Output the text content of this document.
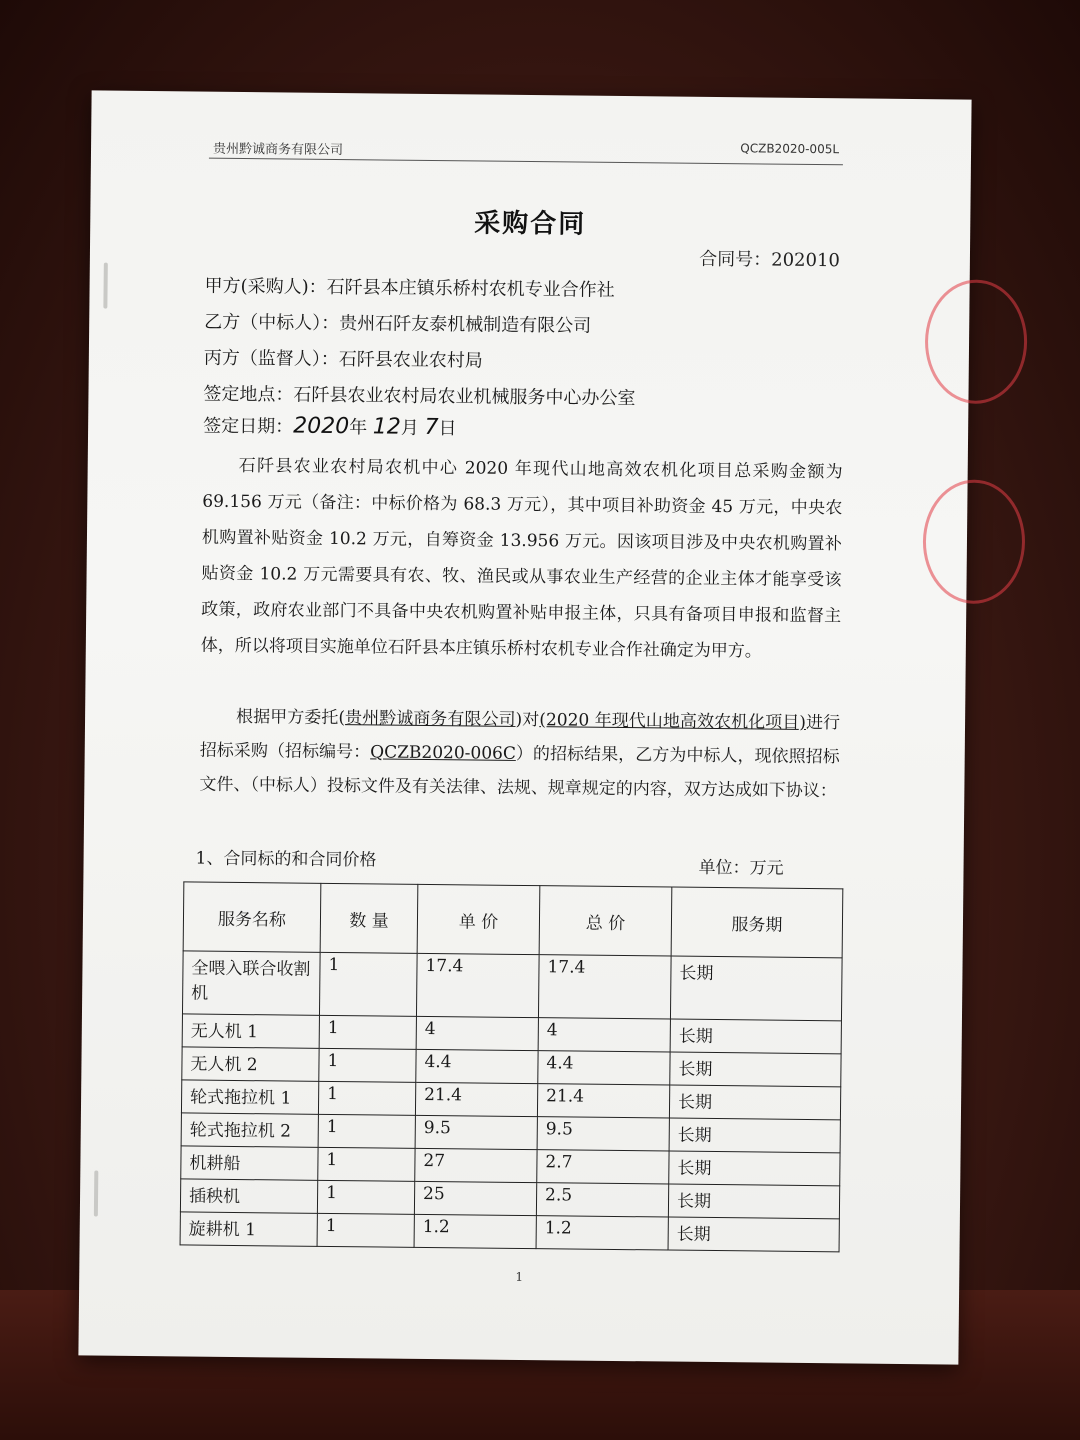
贵州黔诚商务有限公司	QCZB2020-005L
采购合同
合同号：202010
甲方(采购人)：石阡县本庄镇乐桥村农机专业合作社
乙方（中标人）：贵州石阡友泰机械制造有限公司
丙方（监督人）：石阡县农业农村局
签定地点：石阡县农业农村局农业机械服务中心办公室
签定日期：2020年 12月 7日
石阡县农业农村局农机中心 2020 年现代山地高效农机化项目总采购金额为 69.156 万元（备注：中标价格为 68.3 万元），其中项目补助资金 45 万元，中央农机购置补贴资金 10.2 万元，自筹资金 13.956 万元。因该项目涉及中央农机购置补贴资金 10.2 万元需要具有农、牧、渔民或从事农业生产经营的企业主体才能享受该政策，政府农业部门不具备中央农机购置补贴申报主体，只具有备项目申报和监督主体，所以将项目实施单位石阡县本庄镇乐桥村农机专业合作社确定为甲方。
根据甲方委托(贵州黔诚商务有限公司)对(2020 年现代山地高效农机化项目)进行招标采购（招标编号：QCZB2020-006C）的招标结果，乙方为中标人，现依照招标文件、（中标人）投标文件及有关法律、法规、规章规定的内容，双方达成如下协议：
1、合同标的和合同价格	单位：万元
服务名称	数 量	单 价	总 价	服务期
全喂入联合收割机	1	17.4	17.4	长期
无人机 1	1	4	4	长期
无人机 2	1	4.4	4.4	长期
轮式拖拉机 1	1	21.4	21.4	长期
轮式拖拉机 2	1	9.5	9.5	长期
机耕船	1	27	2.7	长期
插秧机	1	25	2.5	长期
旋耕机 1	1	1.2	1.2	长期
1
